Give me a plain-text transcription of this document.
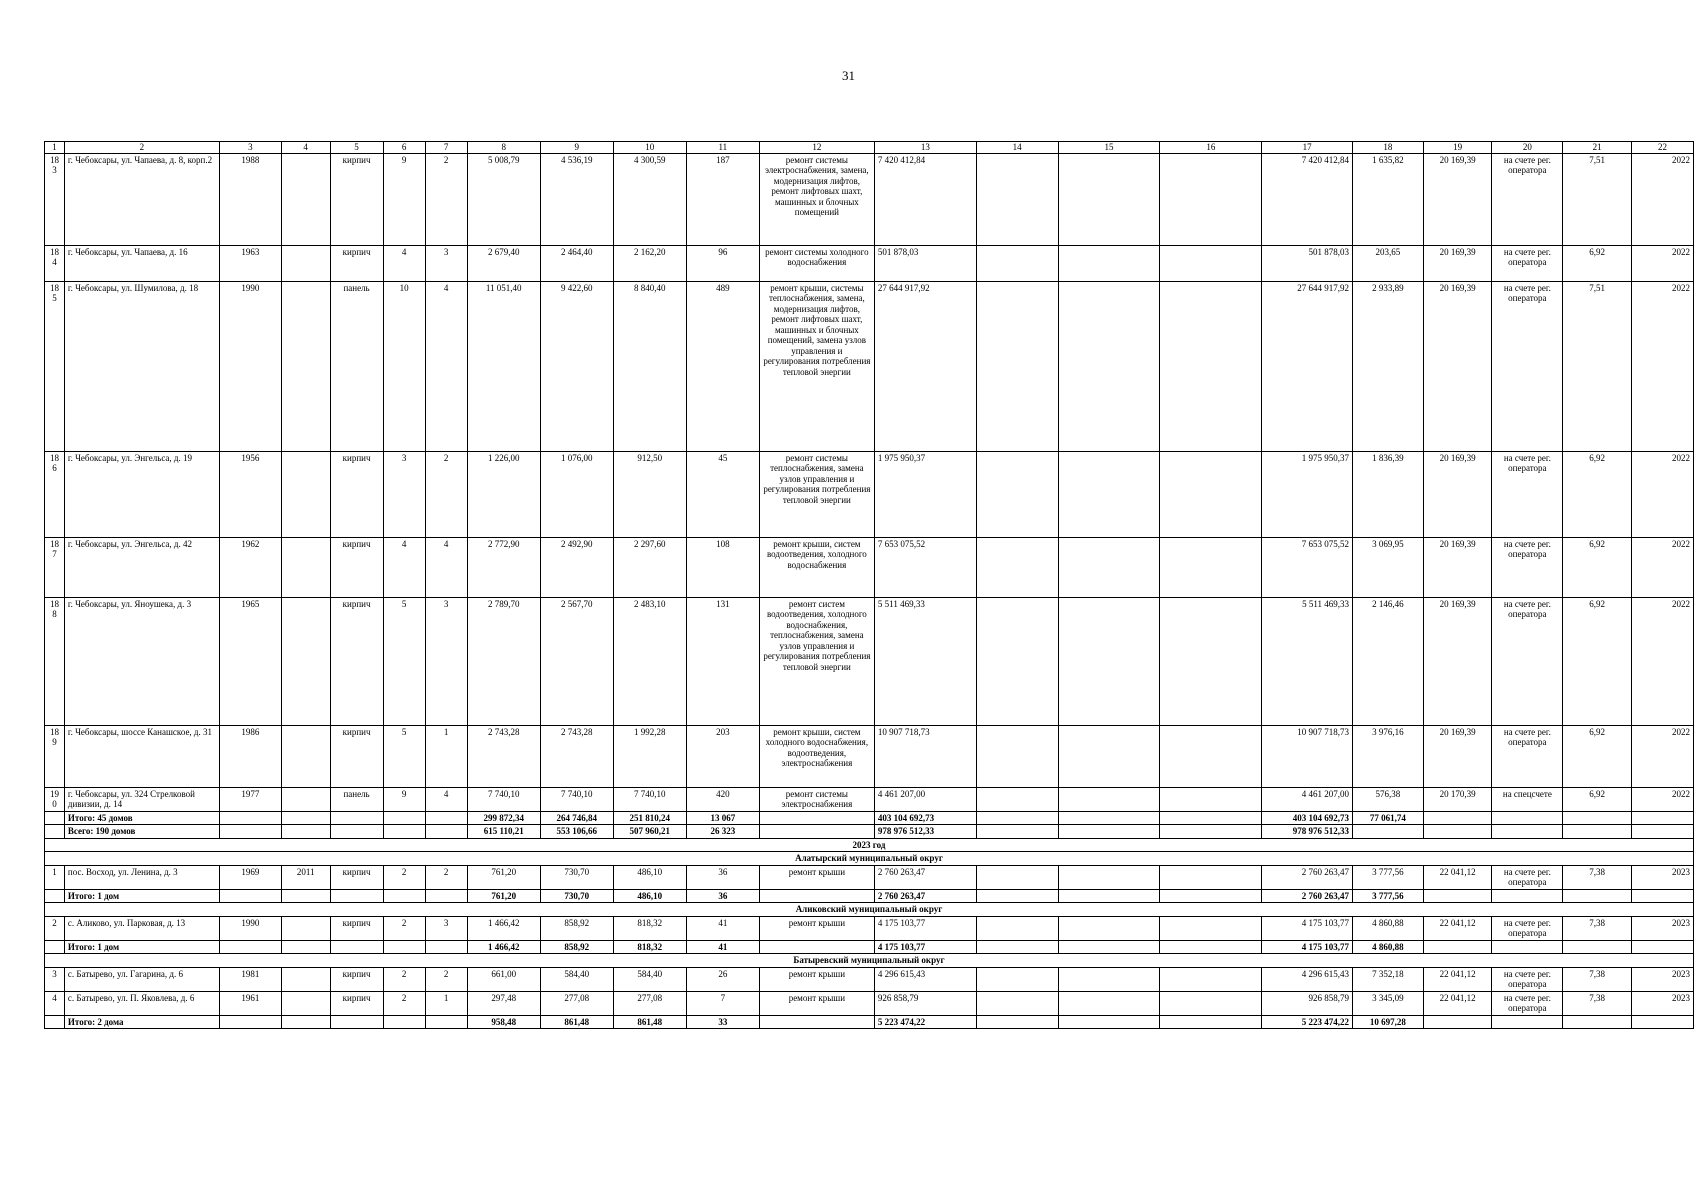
31
1	2	3	4	5	6	7	8	9	10	11	12	13	14	15	16	17	18	19	20	21	22
183	г. Чебоксары, ул. Чапаева, д. 8, корп.2	1988		кирпич	9	2	5 008,79	4 536,19	4 300,59	187	ремонт системы электроснабжения, замена, модернизация лифтов, ремонт лифтовых шахт, машинных и блочных помещений	7 420 412,84				7 420 412,84	1 635,82	20 169,39	на счете рег. оператора	7,51	2022
184	г. Чебоксары, ул. Чапаева, д. 16	1963		кирпич	4	3	2 679,40	2 464,40	2 162,20	96	ремонт системы холодного водоснабжения	501 878,03				501 878,03	203,65	20 169,39	на счете рег. оператора	6,92	2022
185	г. Чебоксары, ул. Шумилова, д. 18	1990		панель	10	4	11 051,40	9 422,60	8 840,40	489	ремонт крыши, системы теплоснабжения, замена, модернизация лифтов, ремонт лифтовых шахт, машинных и блочных помещений, замена узлов управления и регулирования потребления тепловой энергии	27 644 917,92				27 644 917,92	2 933,89	20 169,39	на счете рег. оператора	7,51	2022
186	г. Чебоксары, ул. Энгельса, д. 19	1956		кирпич	3	2	1 226,00	1 076,00	912,50	45	ремонт системы теплоснабжения, замена узлов управления и регулирования потребления тепловой энергии	1 975 950,37				1 975 950,37	1 836,39	20 169,39	на счете рег. оператора	6,92	2022
187	г. Чебоксары, ул. Энгельса, д. 42	1962		кирпич	4	4	2 772,90	2 492,90	2 297,60	108	ремонт крыши, систем водоотведения, холодного водоснабжения	7 653 075,52				7 653 075,52	3 069,95	20 169,39	на счете рег. оператора	6,92	2022
188	г. Чебоксары, ул. Яноушека, д. 3	1965		кирпич	5	3	2 789,70	2 567,70	2 483,10	131	ремонт систем водоотведения, холодного водоснабжения, теплоснабжения, замена узлов управления и регулирования потребления тепловой энергии	5 511 469,33				5 511 469,33	2 146,46	20 169,39	на счете рег. оператора	6,92	2022
189	г. Чебоксары, шоссе Канашское, д. 31	1986		кирпич	5	1	2 743,28	2 743,28	1 992,28	203	ремонт крыши, систем холодного водоснабжения, водоотведения, электроснабжения	10 907 718,73				10 907 718,73	3 976,16	20 169,39	на счете рег. оператора	6,92	2022
190	г. Чебоксары, ул. 324 Стрелковой дивизии, д. 14	1977		панель	9	4	7 740,10	7 740,10	7 740,10	420	ремонт системы электроснабжения	4 461 207,00				4 461 207,00	576,38	20 170,39	на спецсчете	6,92	2022
	Итого: 45 домов						299 872,34	264 746,84	251 810,24	13 067		403 104 692,73				403 104 692,73	77 061,74				
	Всего: 190 домов						615 110,21	553 106,66	507 960,21	26 323		978 976 512,33				978 976 512,33					
2023 год																					
Алатырский муниципальный округ																					
1	пос. Восход, ул. Ленина, д. 3	1969	2011	кирпич	2	2	761,20	730,70	486,10	36	ремонт крыши	2 760 263,47				2 760 263,47	3 777,56	22 041,12	на счете рег. оператора	7,38	2023
	Итого: 1 дом						761,20	730,70	486,10	36		2 760 263,47				2 760 263,47	3 777,56				
Аликовский муниципальный округ																					
2	с. Аликово, ул. Парковая, д. 13	1990		кирпич	2	3	1 466,42	858,92	818,32	41	ремонт крыши	4 175 103,77				4 175 103,77	4 860,88	22 041,12	на счете рег. оператора	7,38	2023
	Итого: 1 дом						1 466,42	858,92	818,32	41		4 175 103,77				4 175 103,77	4 860,88				
Батыревский муниципальный округ																					
3	с. Батырево, ул. Гагарина, д. 6	1981		кирпич	2	2	661,00	584,40	584,40	26	ремонт крыши	4 296 615,43				4 296 615,43	7 352,18	22 041,12	на счете рег. оператора	7,38	2023
4	с. Батырево, ул. П. Яковлева, д. 6	1961		кирпич	2	1	297,48	277,08	277,08	7	ремонт крыши	926 858,79				926 858,79	3 345,09	22 041,12	на счете рег. оператора	7,38	2023
	Итого: 2 дома						958,48	861,48	861,48	33		5 223 474,22				5 223 474,22	10 697,28				
